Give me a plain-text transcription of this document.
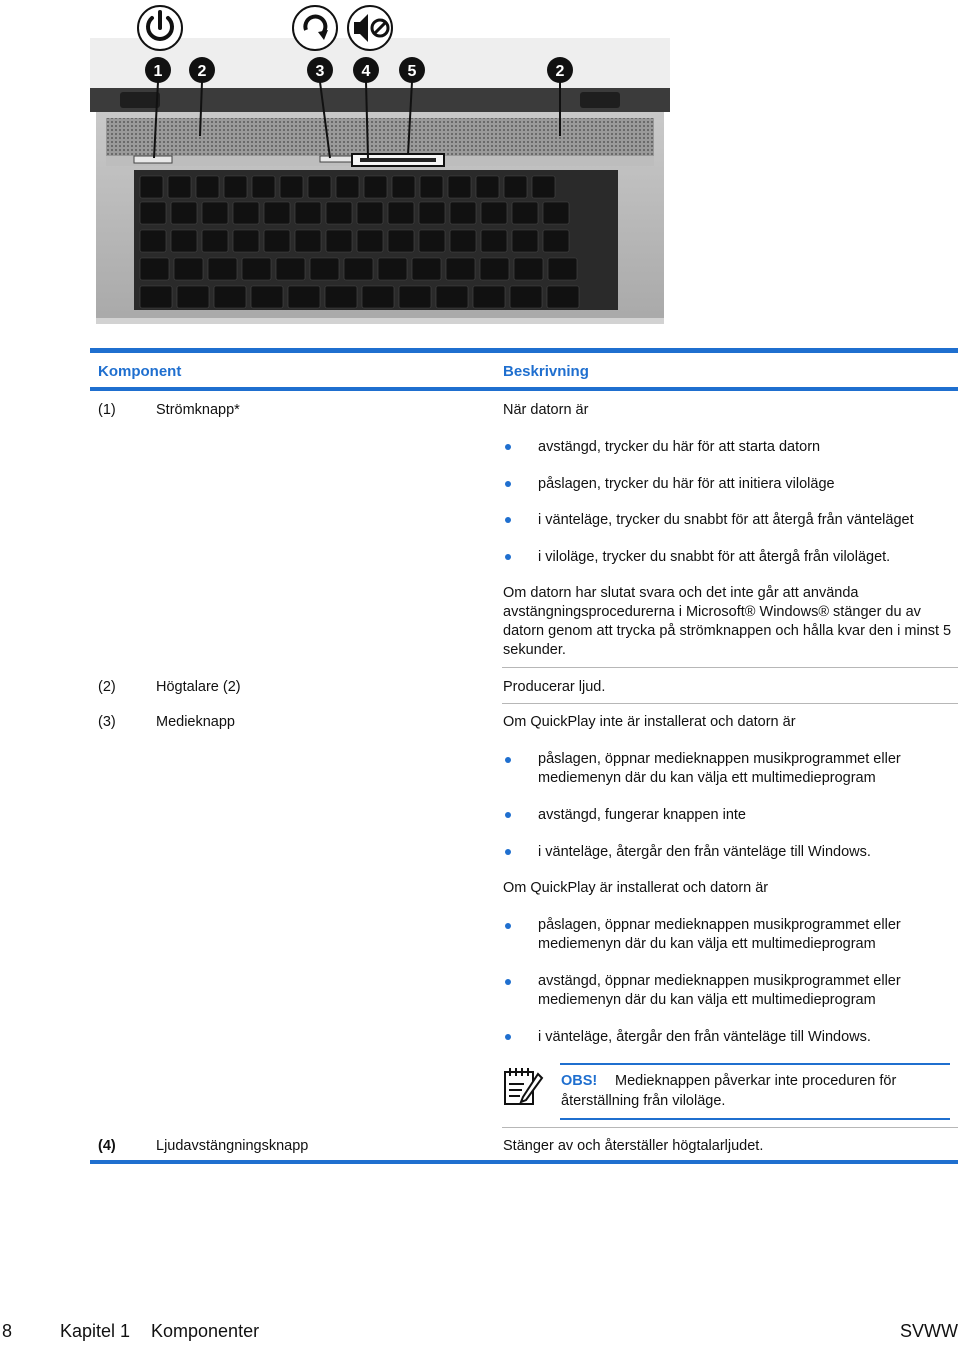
1 2	3 4 5	2
Komponent	Beskrivning
(1)	Strömknapp*	När datorn är
avstängd, trycker du här för att starta datorn
påslagen, trycker du här för att initiera viloläge
i vänteläge, trycker du snabbt för att återgå från vänteläget
i viloläge, trycker du snabbt för att återgå från viloläget.
Om datorn har slutat svara och det inte går att använda avstängningsprocedurerna i Microsoft® Windows® stänger du av datorn genom att trycka på strömknappen och hålla kvar den i minst 5 sekunder.
(2)	Högtalare (2)	Producerar ljud.
(3)	Medieknapp	Om QuickPlay inte är installerat och datorn är
påslagen, öppnar medieknappen musikprogrammet eller
mediemenyn där du kan välja ett multimedieprogram
avstängd, fungerar knappen inte
i vänteläge, återgår den från vänteläge till Windows.
Om QuickPlay är installerat och datorn är
påslagen, öppnar medieknappen musikprogrammet eller
mediemenyn där du kan välja ett multimedieprogram
avstängd, öppnar medieknappen musikprogrammet eller
mediemenyn där du kan välja ett multimedieprogram
i vänteläge, återgår den från vänteläge till Windows.
OBS! Medieknappen påverkar inte proceduren för
återställning från viloläge.
(4)	Ljudavstängningsknapp	Stänger av och återställer högtalarljudet.
8	Kapitel 1 Komponenter	SVWW
